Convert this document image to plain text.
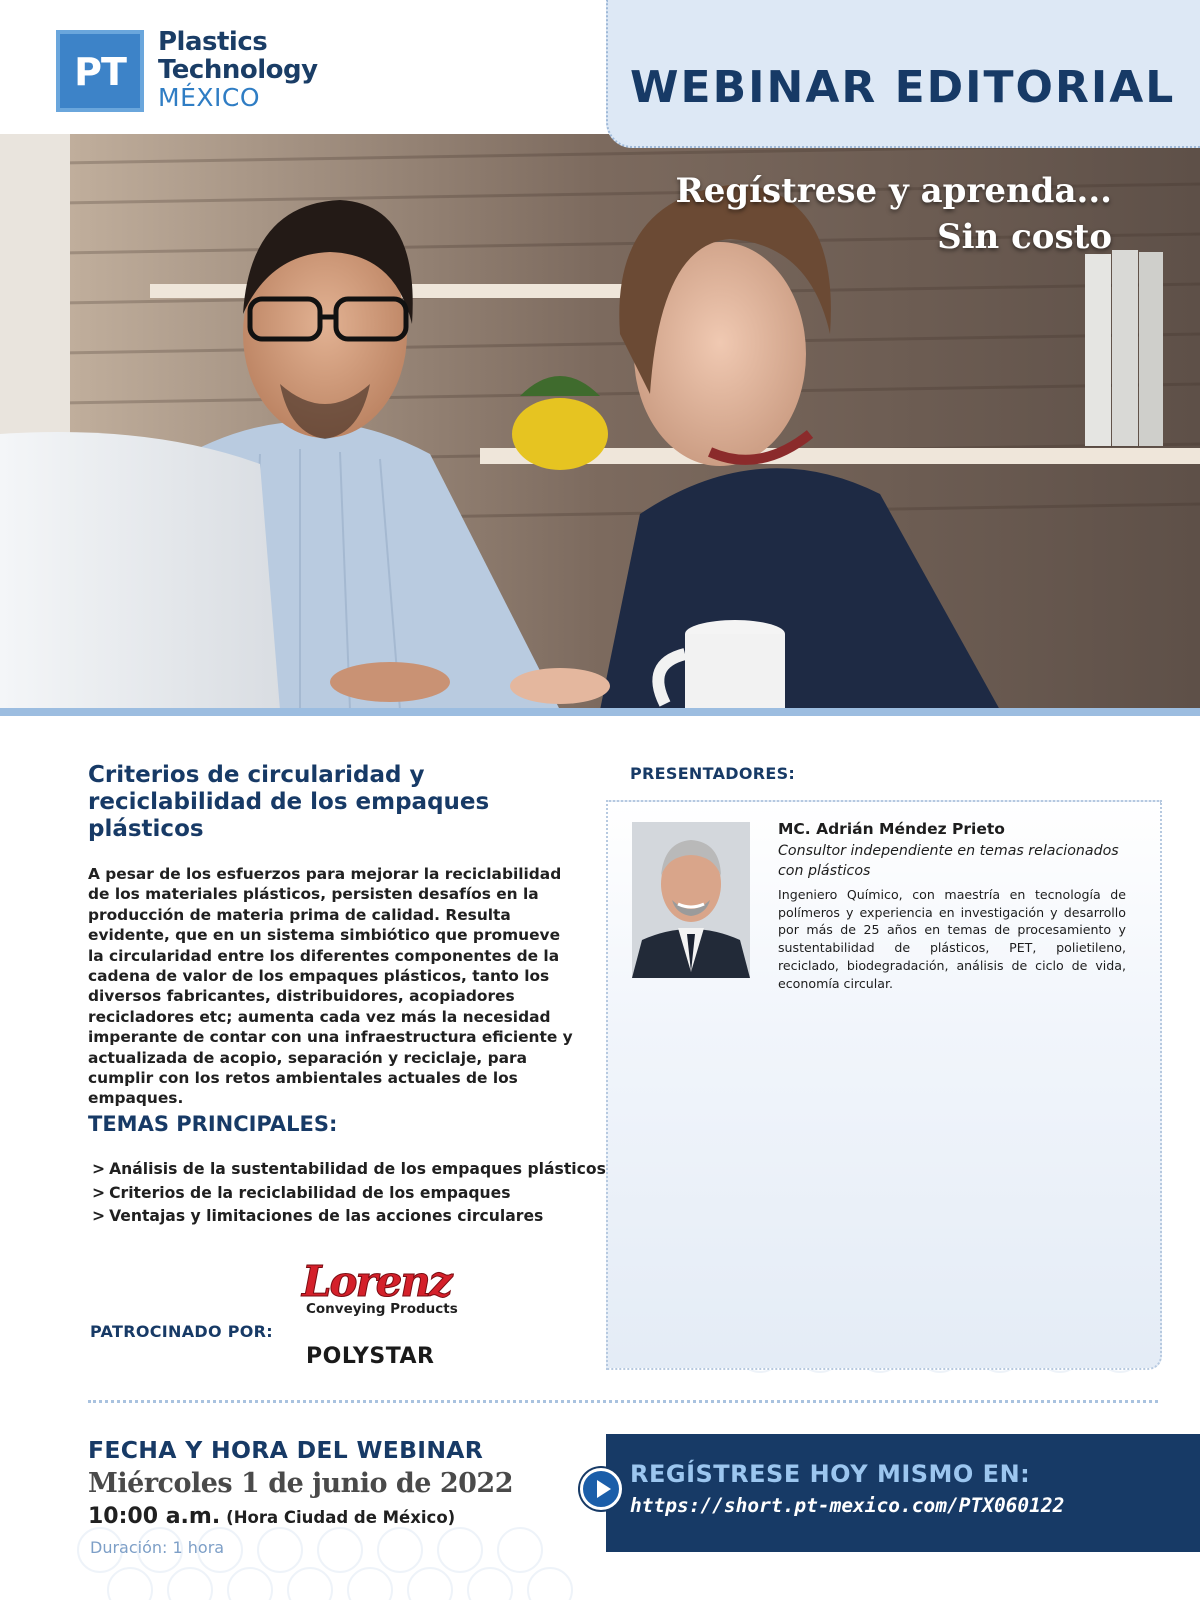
PT
Plastics
Technology
MÉXICO	WEBINAR EDITORIAL
Regístrese y aprenda...
Sin costo
Criterios de circularidad y reciclabilidad de los empaques plásticos
A pesar de los esfuerzos para mejorar la reciclabilidad de los materiales plásticos, persisten desafíos en la producción de materia prima de calidad. Resulta evidente, que en un sistema simbiótico que promueve la circularidad entre los diferentes componentes de la cadena de valor de los empaques plásticos, tanto los diversos fabricantes, distribuidores, acopiadores recicladores etc; aumenta cada vez más la necesidad imperante de contar con una infraestructura eficiente y actualizada de acopio, separación y reciclaje, para cumplir con los retos ambientales actuales de los empaques.
TEMAS PRINCIPALES:
> Análisis de la sustentabilidad de los empaques plásticos
> Criterios de la reciclabilidad de los empaques
> Ventajas y limitaciones de las acciones circulares
PATROCINADO POR:
Lorenz
Conveying Products
POLYSTAR
PRESENTADORES:
MC. Adrián Méndez Prieto
Consultor independiente en temas relacionados con plásticos
Ingeniero Químico, con maestría en tecnología de polímeros y experiencia en investigación y desarrollo por más de 25 años en temas de procesamiento y sustentabilidad de plásticos, PET, polietileno, reciclado, biodegradación, análisis de ciclo de vida, economía circular.
FECHA Y HORA DEL WEBINAR
Miércoles 1 de junio de 2022
10:00 a.m. (Hora Ciudad de México)
Duración: 1 hora
REGÍSTRESE HOY MISMO EN:
https://short.pt-mexico.com/PTX060122
